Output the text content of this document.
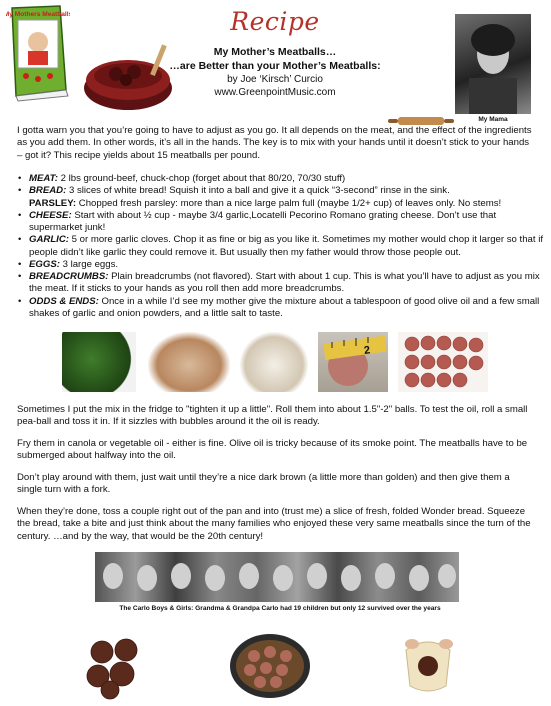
My Mothers Meatballs	Recipe
My Mother’s Meatballs…
…are Better than your Mother’s Meatballs:
by Joe ‘Kirsch’ Curcio
www.GreenpointMusic.com
My Mama
I gotta warn you that you’re going to have to adjust as you go. It all depends on the meat, and the effect of the ingredients as you add them. In other words, it’s all in the hands. The key is to mix with your hands until it doesn’t stick to your hands – got it? This recipe yields about 15 meatballs per pound.
• MEAT: 2 lbs ground-beef, chuck-chop (forget about that 80/20, 70/30 stuff)
• BREAD: 3 slices of white bread! Squish it into a ball and give it a quick “3-second” rinse in the sink.
PARSLEY: Chopped fresh parsley: more than a nice large palm full (maybe 1/2+ cup) of leaves only. No stems!
• CHEESE: Start with about ½ cup - maybe 3/4 garlic,Locatelli Pecorino Romano grating cheese. Don’t use that supermarket junk!
• GARLIC: 5 or more garlic cloves. Chop it as fine or big as you like it. Sometimes my mother would chop it larger so that if people didn’t like garlic they could remove it. But usually then my father would throw those people out.
• EGGS: 3 large eggs.
• BREADCRUMBS: Plain breadcrumbs (not flavored). Start with about 1 cup. This is what you’ll have to adjust as you mix the meat. If it sticks to your hands as you roll then add more breadcrumbs.
• ODDS & ENDS: Once in a while I’d see my mother give the mixture about a tablespoon of good olive oil and a few small shakes of garlic and onion powders, and a little salt to taste.
2
Sometimes I put the mix in the fridge to "tighten it up a little". Roll them into about 1.5"-2" balls. To test the oil, roll a small pea-ball and toss it in. If it sizzles with bubbles around it the oil is ready.
Fry them in canola or vegetable oil - either is fine. Olive oil is tricky because of its smoke point. The meatballs have to be submerged about halfway into the oil.
Don’t play around with them, just wait until they’re a nice dark brown (a little more than golden) and then give them a single turn with a fork.
When they’re done, toss a couple right out of the pan and into (trust me) a slice of fresh, folded Wonder bread. Squeeze the bread, take a bite and just think about the many families who enjoyed these very same meatballs since the turn of the century. …and by the way, that would be the 20th century!
The Carlo Boys & Girls: Grandma & Grandpa Carlo had 19 children but only 12 survived over the years
